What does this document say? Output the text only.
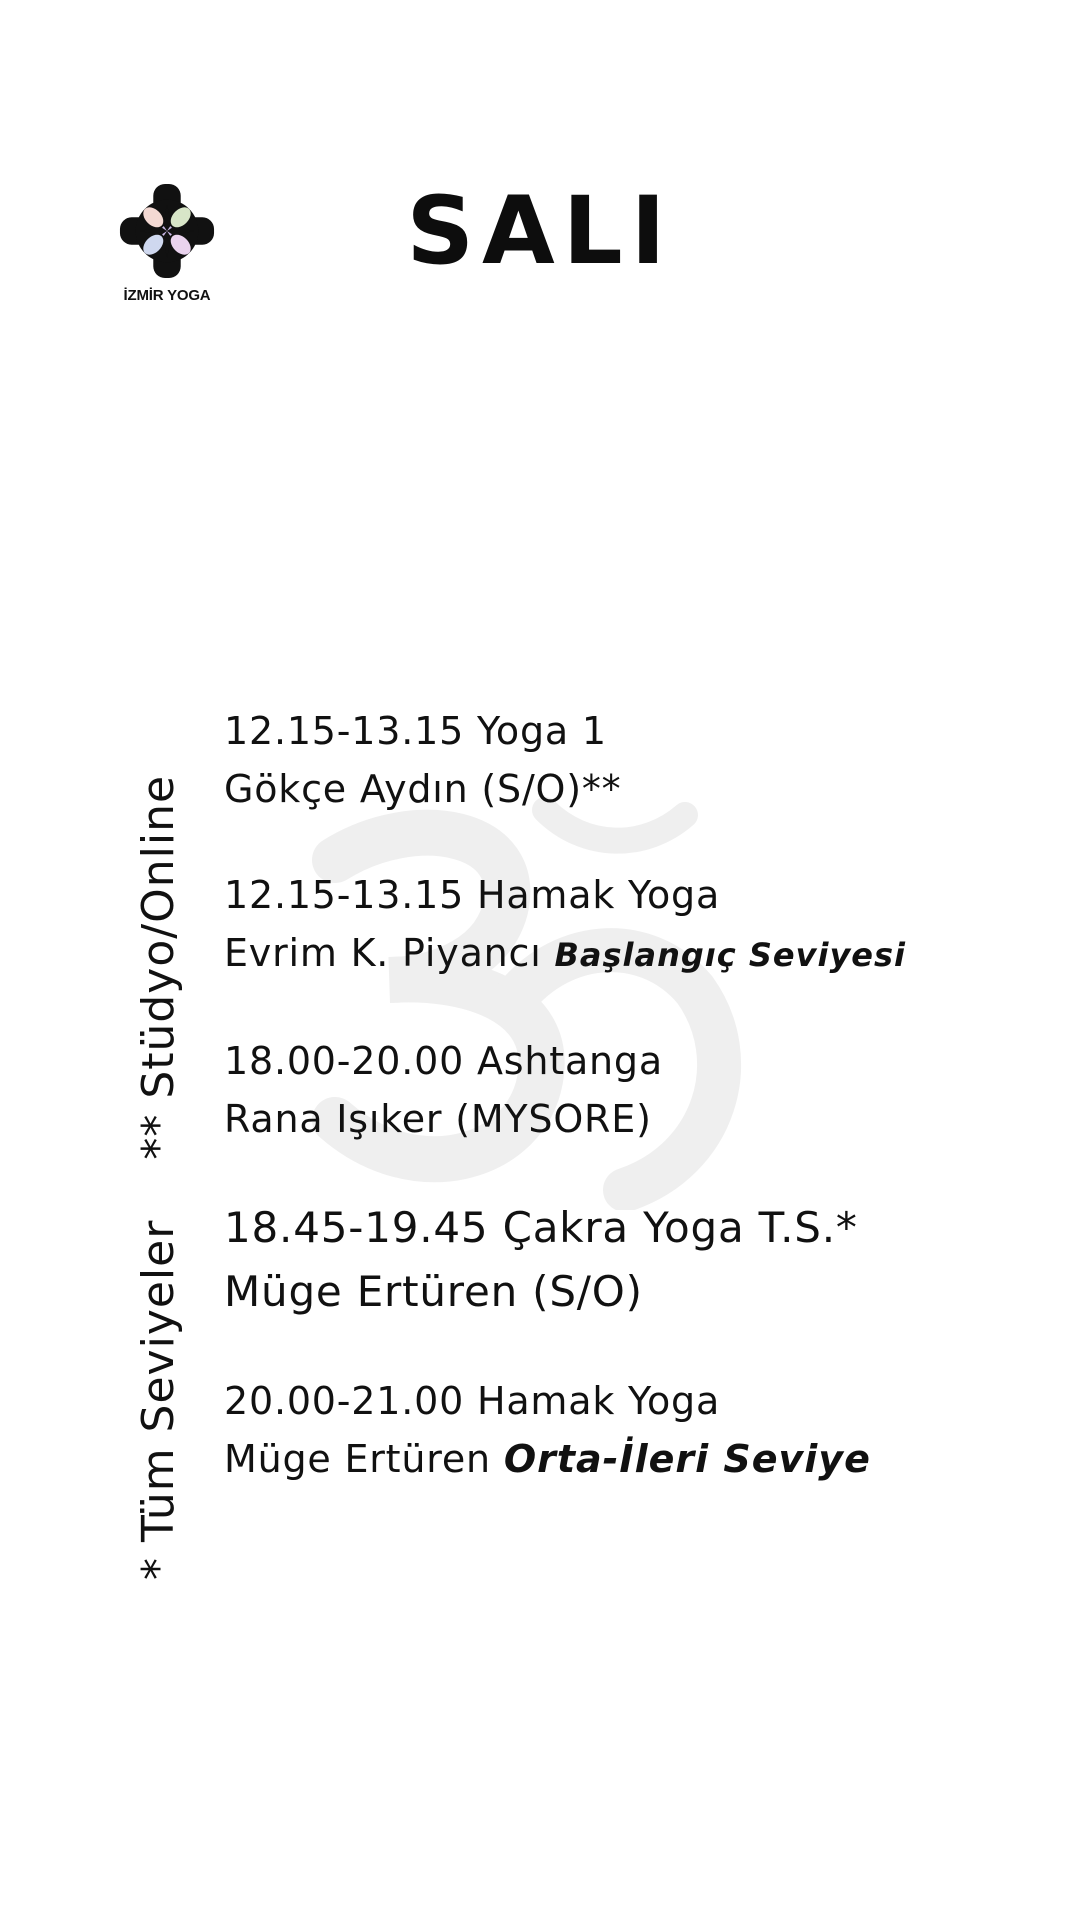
İZMİR YOGA
SALI
* Tüm Seviyeler** Stüdyo/Online
12.15-13.15 Yoga 1
Gökçe Aydın (S/O)**
12.15-13.15 Hamak Yoga
Evrim K. Piyancı Başlangıç Seviyesi
18.00-20.00 Ashtanga
Rana Işıker (MYSORE)
18.45-19.45 Çakra Yoga T.S.*
Müge Ertüren (S/O)
20.00-21.00 Hamak Yoga
Müge Ertüren Orta-İleri Seviye
